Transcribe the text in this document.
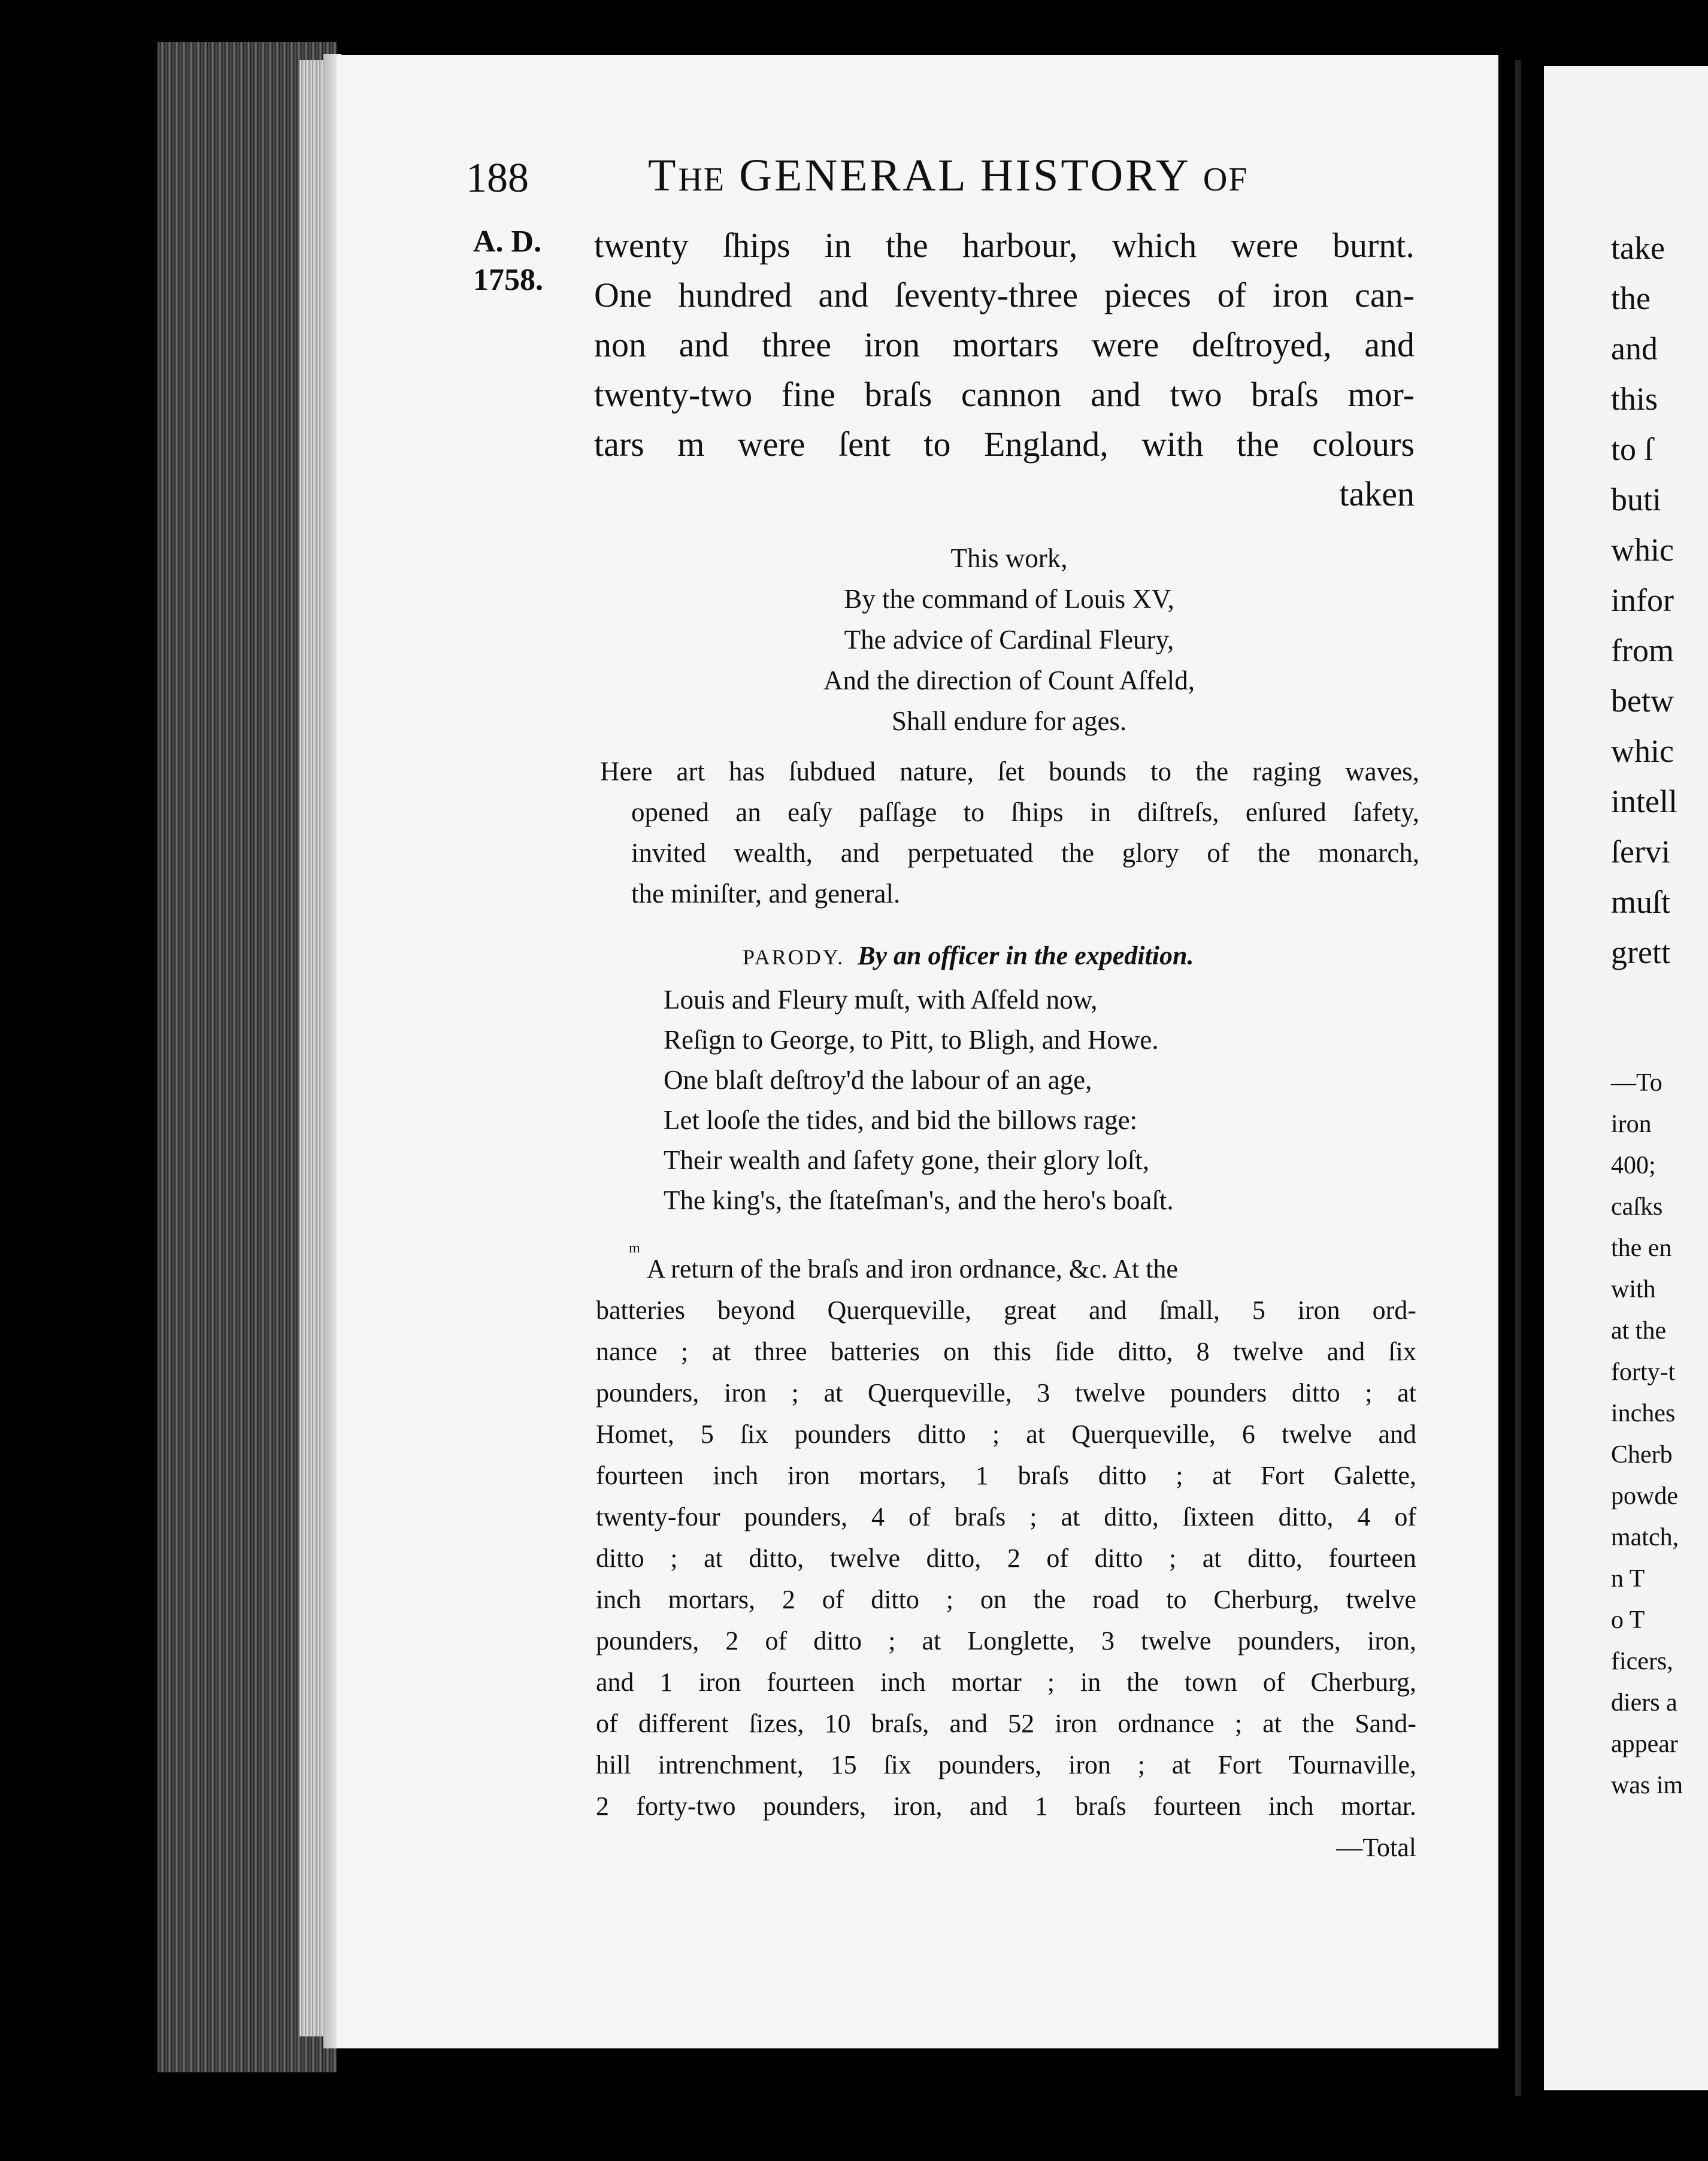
188	THE GENERAL HISTORY OF
A. D.
1758.
twenty ſhips in the harbour, which were burnt.
One hundred and ſeventy-three pieces of iron can-
non and three iron mortars were deſtroyed, and
twenty-two fine braſs cannon and two braſs mor-
tars m were ſent to England, with the colours
taken
This work,
By the command of Louis XV,
The advice of Cardinal Fleury,
And the direction of Count Aſfeld,
Shall endure for ages.
Here art has ſubdued nature, ſet bounds to the raging waves,
opened an eaſy paſſage to ſhips in diſtreſs, enſured ſafety,
invited wealth, and perpetuated the glory of the monarch,
the miniſter, and general.
PARODY. By an officer in the expedition.
Louis and Fleury muſt, with Aſfeld now,
Reſign to George, to Pitt, to Bligh, and Howe.
One blaſt deſtroy'd the labour of an age,
Let looſe the tides, and bid the billows rage:
Their wealth and ſafety gone, their glory loſt,
The king's, the ſtateſman's, and the hero's boaſt.
m

A return of the braſs and iron ordnance, &c. At the
batteries beyond Querqueville, great and ſmall, 5 iron ord-
nance ; at three batteries on this ſide ditto, 8 twelve and ſix
pounders, iron ; at Querqueville, 3 twelve pounders ditto ; at
Homet, 5 ſix pounders ditto ; at Querqueville, 6 twelve and
fourteen inch iron mortars, 1 braſs ditto ; at Fort Galette,
twenty-four pounders, 4 of braſs ; at ditto, ſixteen ditto, 4 of
ditto ; at ditto, twelve ditto, 2 of ditto ; at ditto, fourteen
inch mortars, 2 of ditto ; on the road to Cherburg, twelve
pounders, 2 of ditto ; at Longlette, 3 twelve pounders, iron,
and 1 iron fourteen inch mortar ; in the town of Cherburg,
of different ſizes, 10 braſs, and 52 iron ordnance ; at the Sand-
hill intrenchment, 15 ſix pounders, iron ; at Fort Tournaville,
2 forty-two pounders, iron, and 1 braſs fourteen inch mortar.
—Total
take
the
and
this
to ſ
buti
whic
infor
from
betw
whic
intell
ſervi
muſt
grett
—To
iron
400;
caſks
the en
with
at the
forty-t
inches
Cherb
powde
match,
n T
o T
ficers,
diers a
appear
was im
